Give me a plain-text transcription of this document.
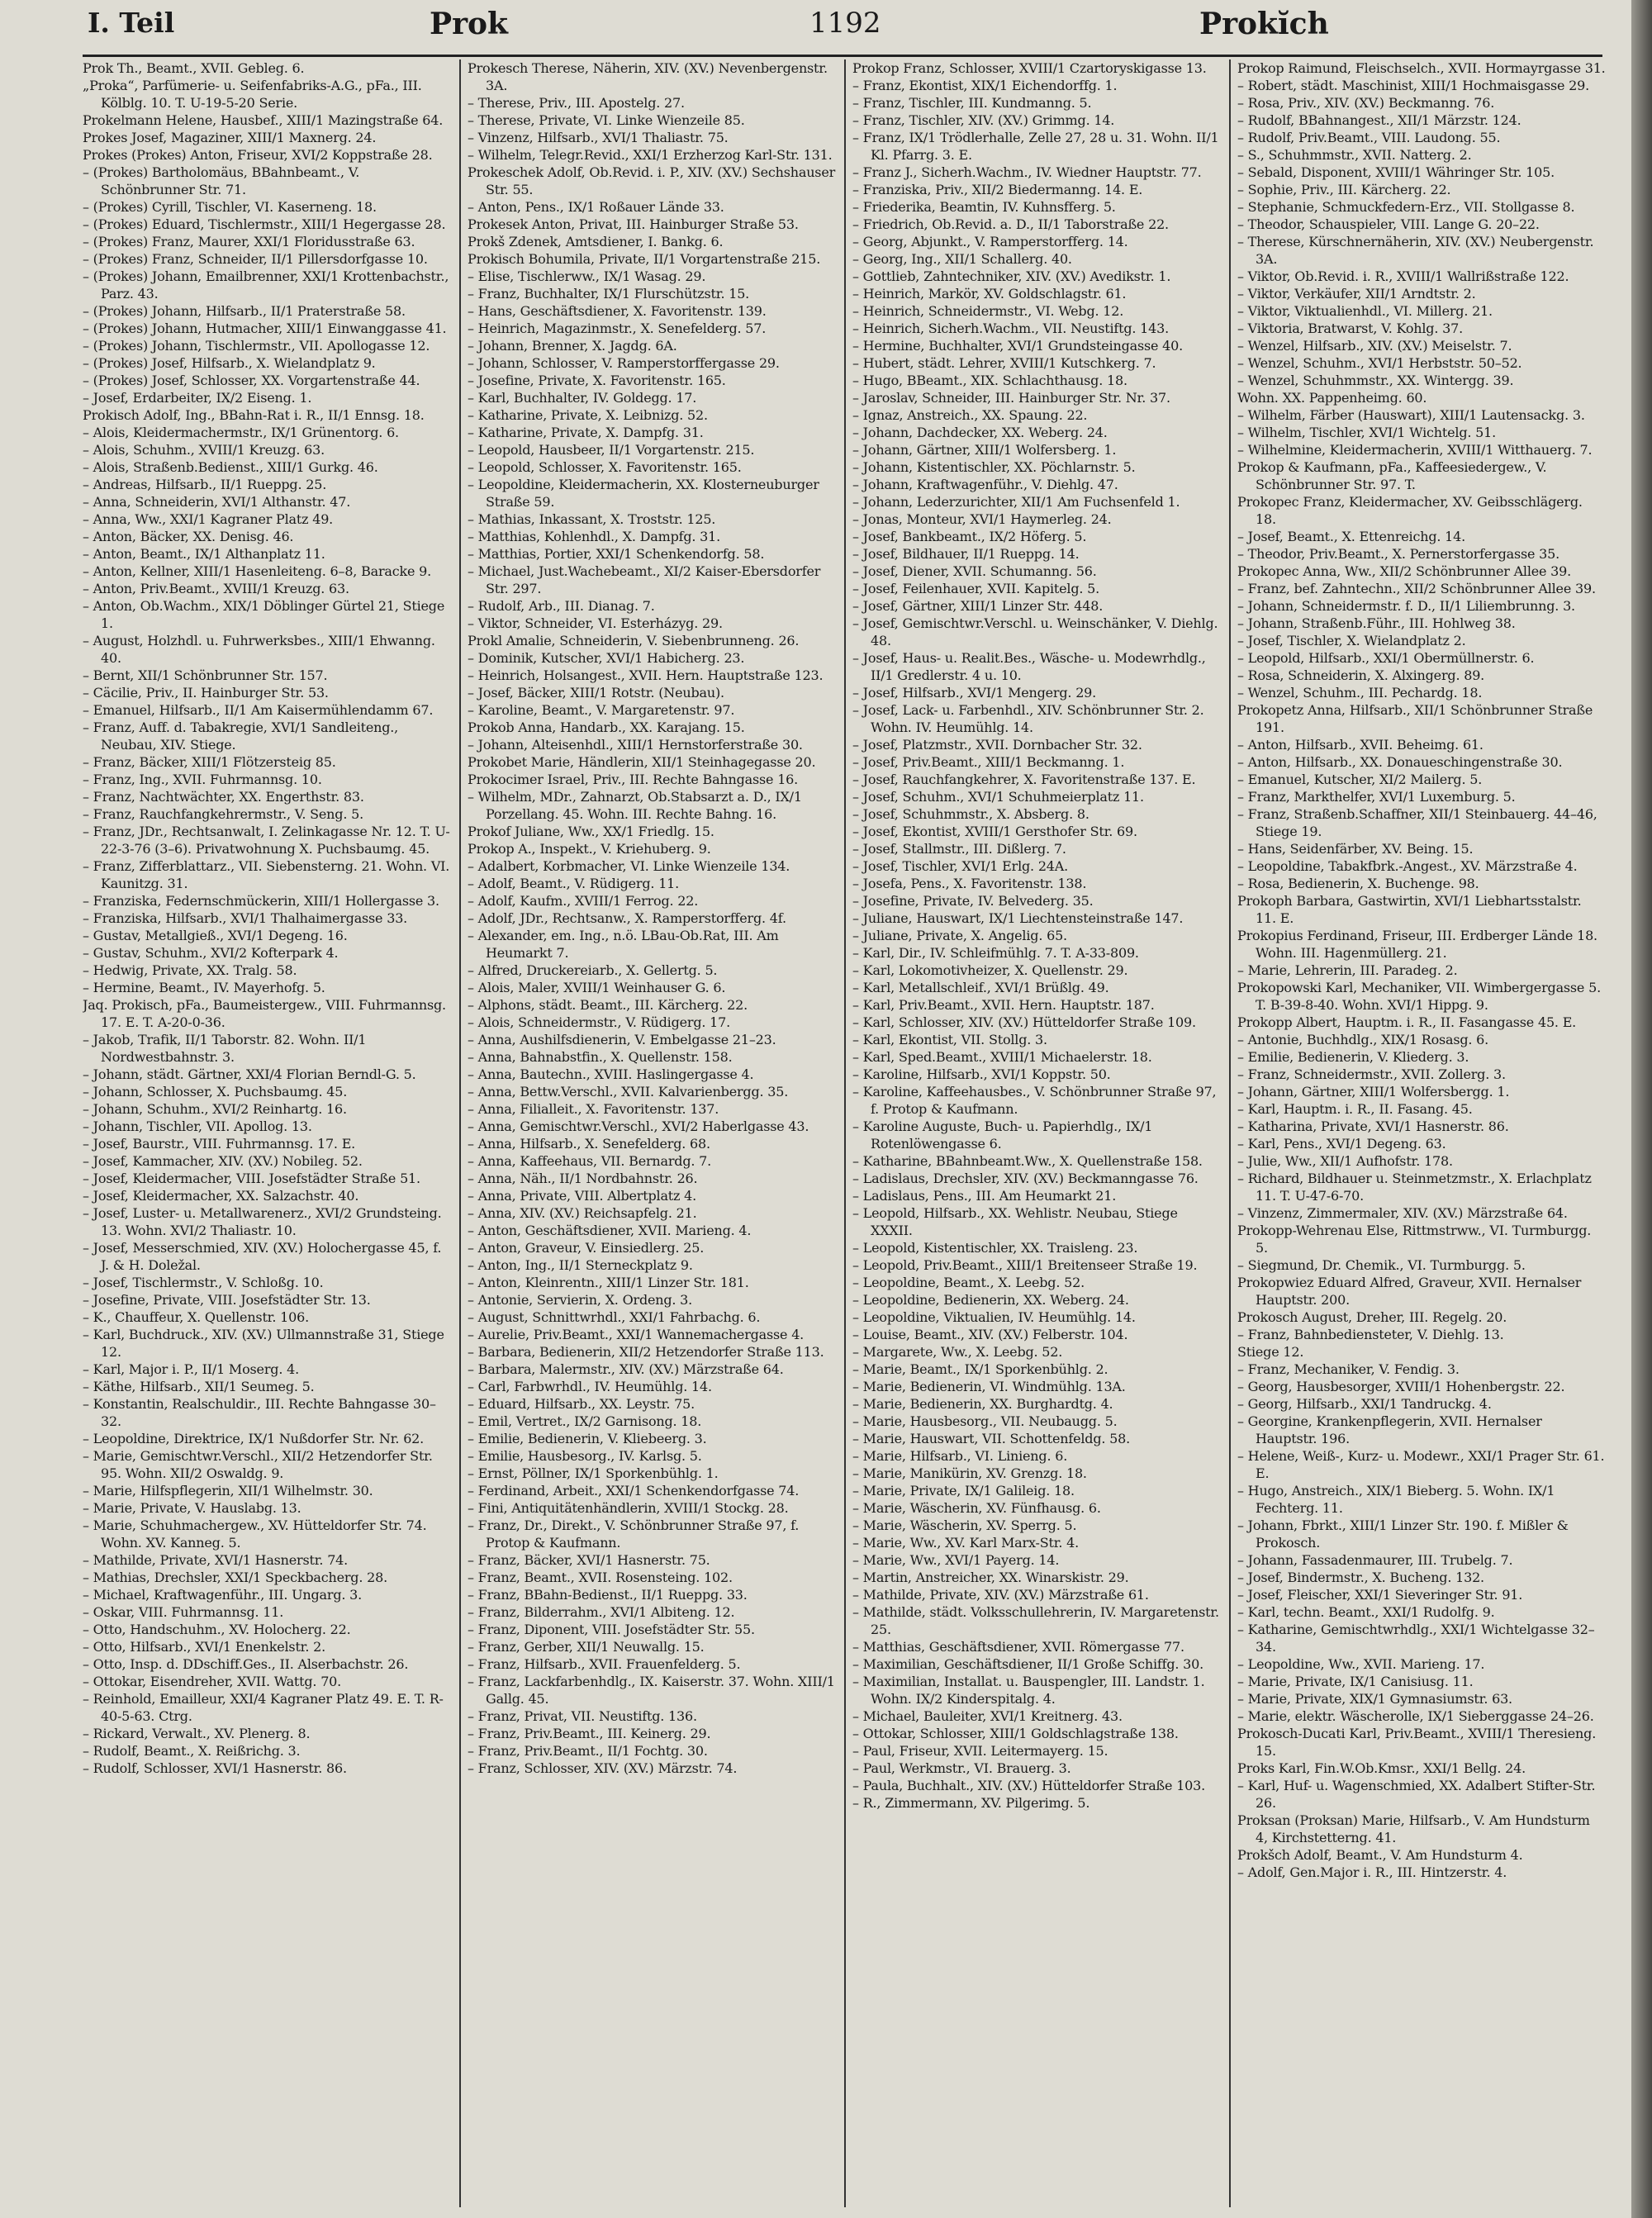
I. Teil	Prok	1192	Prokĭch

Prok Th., Beamt., XVII. Gebleg. 6.

„Proka“, Parfümerie- u. Seifenfabriks-A.G., pFa., III. Kölblg. 10. T. U-19-5-20 Serie.

Prokelmann Helene, Hausbef., XIII/1 Mazingstraße 64.

Prokes Josef, Magaziner, XIII/1 Maxnerg. 24.

Prokes (Prokes) Anton, Friseur, XVI/2 Koppstraße 28.

– (Prokes) Bartholomäus, BBahnbeamt., V. Schönbrunner Str. 71.

– (Prokes) Cyrill, Tischler, VI. Kaserneng. 18.

– (Prokes) Eduard, Tischlermstr., XIII/1 Hegergasse 28.

– (Prokes) Franz, Maurer, XXI/1 Floridusstraße 63.

– (Prokes) Franz, Schneider, II/1 Pillersdorfgasse 10.

– (Prokes) Johann, Emailbrenner, XXI/1 Krottenbachstr., Parz. 43.

– (Prokes) Johann, Hilfsarb., II/1 Praterstraße 58.

– (Prokes) Johann, Hutmacher, XIII/1 Einwanggasse 41.

– (Prokes) Johann, Tischlermstr., VII. Apollogasse 12.

– (Prokes) Josef, Hilfsarb., X. Wielandplatz 9.

– (Prokes) Josef, Schlosser, XX. Vorgartenstraße 44.

– Josef, Erdarbeiter, IX/2 Eiseng. 1.

Prokisch Adolf, Ing., BBahn-Rat i. R., II/1 Ennsg. 18.

– Alois, Kleidermachermstr., IX/1 Grünentorg. 6.

– Alois, Schuhm., XVIII/1 Kreuzg. 63.

– Alois, Straßenb.Bedienst., XIII/1 Gurkg. 46.

– Andreas, Hilfsarb., II/1 Rueppg. 25.

– Anna, Schneiderin, XVI/1 Althanstr. 47.

– Anna, Ww., XXI/1 Kagraner Platz 49.

– Anton, Bäcker, XX. Denisg. 46.

– Anton, Beamt., IX/1 Althanplatz 11.

– Anton, Kellner, XIII/1 Hasenleiteng. 6–8, Baracke 9.

– Anton, Priv.Beamt., XVIII/1 Kreuzg. 63.

– Anton, Ob.Wachm., XIX/1 Döblinger Gürtel 21, Stiege 1.

– August, Holzhdl. u. Fuhrwerksbes., XIII/1 Ehwanng. 40.

– Bernt, XII/1 Schönbrunner Str. 157.

– Cäcilie, Priv., II. Hainburger Str. 53.

– Emanuel, Hilfsarb., II/1 Am Kaisermühlendamm 67.

– Franz, Auff. d. Tabakregie, XVI/1 Sandleiteng., Neubau, XIV. Stiege.

– Franz, Bäcker, XIII/1 Flötzersteig 85.

– Franz, Ing., XVII. Fuhrmannsg. 10.

– Franz, Nachtwächter, XX. Engerthstr. 83.

– Franz, Rauchfangkehrermstr., V. Seng. 5.

– Franz, JDr., Rechtsanwalt, I. Zelinkagasse Nr. 12. T. U-22-3-76 (3–6). Privatwohnung X. Puchsbaumg. 45.

– Franz, Zifferblattarz., VII. Siebensterng. 21. Wohn. VI. Kaunitzg. 31.

– Franziska, Federnschmückerin, XIII/1 Hollergasse 3.

– Franziska, Hilfsarb., XVI/1 Thalhaimergasse 33.

– Gustav, Metallgieß., XVI/1 Degeng. 16.

– Gustav, Schuhm., XVI/2 Kofterpark 4.

– Hedwig, Private, XX. Tralg. 58.

– Hermine, Beamt., IV. Mayerhofg. 5.

Jaq. Prokisch, pFa., Baumeistergew., VIII. Fuhrmannsg. 17. E. T. A-20-0-36.

– Jakob, Trafik, II/1 Taborstr. 82. Wohn. II/1 Nordwestbahnstr. 3.

– Johann, städt. Gärtner, XXI/4 Florian Berndl-G. 5.

– Johann, Schlosser, X. Puchsbaumg. 45.

– Johann, Schuhm., XVI/2 Reinhartg. 16.

– Johann, Tischler, VII. Apollog. 13.

– Josef, Baurstr., VIII. Fuhrmannsg. 17. E.

– Josef, Kammacher, XIV. (XV.) Nobileg. 52.

– Josef, Kleidermacher, VIII. Josefstädter Straße 51.

– Josef, Kleidermacher, XX. Salzachstr. 40.

– Josef, Luster- u. Metallwarenerz., XVI/2 Grundsteing. 13. Wohn. XVI/2 Thaliastr. 10.

– Josef, Messerschmied, XIV. (XV.) Holochergasse 45, f. J. & H. Doležal.

– Josef, Tischlermstr., V. Schloßg. 10.

– Josefine, Private, VIII. Josefstädter Str. 13.

– K., Chauffeur, X. Quellenstr. 106.

– Karl, Buchdruck., XIV. (XV.) Ullmannstraße 31, Stiege 12.

– Karl, Major i. P., II/1 Moserg. 4.

– Käthe, Hilfsarb., XII/1 Seumeg. 5.

– Konstantin, Realschuldir., III. Rechte Bahngasse 30–32.

– Leopoldine, Direktrice, IX/1 Nußdorfer Str. Nr. 62.

– Marie, Gemischtwr.Verschl., XII/2 Hetzendorfer Str. 95. Wohn. XII/2 Oswaldg. 9.

– Marie, Hilfspflegerin, XII/1 Wilhelmstr. 30.

– Marie, Private, V. Hauslabg. 13.

– Marie, Schuhmachergew., XV. Hütteldorfer Str. 74. Wohn. XV. Kanneg. 5.

– Mathilde, Private, XVI/1 Hasnerstr. 74.

– Mathias, Drechsler, XXI/1 Speckbacherg. 28.

– Michael, Kraftwagenführ., III. Ungarg. 3.

– Oskar, VIII. Fuhrmannsg. 11.

– Otto, Handschuhm., XV. Holocherg. 22.

– Otto, Hilfsarb., XVI/1 Enenkelstr. 2.

– Otto, Insp. d. DDschiff.Ges., II. Alserbachstr. 26.

– Ottokar, Eisendreher, XVII. Wattg. 70.

– Reinhold, Emailleur, XXI/4 Kagraner Platz 49. E. T. R-40-5-63. Ctrg.

– Rickard, Verwalt., XV. Plenerg. 8.

– Rudolf, Beamt., X. Reißrichg. 3.

– Rudolf, Schlosser, XVI/1 Hasnerstr. 86.

Prokesch Therese, Näherin, XIV. (XV.) Nevenbergenstr. 3A.

– Therese, Priv., III. Apostelg. 27.

– Therese, Private, VI. Linke Wienzeile 85.

– Vinzenz, Hilfsarb., XVI/1 Thaliastr. 75.

– Wilhelm, Telegr.Revid., XXI/1 Erzherzog Karl-Str. 131.

Prokeschek Adolf, Ob.Revid. i. P., XIV. (XV.) Sechshauser Str. 55.

– Anton, Pens., IX/1 Roßauer Lände 33.

Prokesek Anton, Privat, III. Hainburger Straße 53.

Prokš Zdenek, Amtsdiener, I. Bankg. 6.

Prokisch Bohumila, Private, II/1 Vorgartenstraße 215.

– Elise, Tischlerww., IX/1 Wasag. 29.

– Franz, Buchhalter, IX/1 Flurschützstr. 15.

– Hans, Geschäftsdiener, X. Favoritenstr. 139.

– Heinrich, Magazinmstr., X. Senefelderg. 57.

– Johann, Brenner, X. Jagdg. 6A.

– Johann, Schlosser, V. Ramperstorffergasse 29.

– Josefine, Private, X. Favoritenstr. 165.

– Karl, Buchhalter, IV. Goldegg. 17.

– Katharine, Private, X. Leibnizg. 52.

– Katharine, Private, X. Dampfg. 31.

– Leopold, Hausbeer, II/1 Vorgartenstr. 215.

– Leopold, Schlosser, X. Favoritenstr. 165.

– Leopoldine, Kleidermacherin, XX. Klosterneuburger Straße 59.

– Mathias, Inkassant, X. Troststr. 125.

– Matthias, Kohlenhdl., X. Dampfg. 31.

– Matthias, Portier, XXI/1 Schenkendorfg. 58.

– Michael, Just.Wachebeamt., XI/2 Kaiser-Ebersdorfer Str. 297.

– Rudolf, Arb., III. Dianag. 7.

– Viktor, Schneider, VI. Esterházyg. 29.

Prokl Amalie, Schneiderin, V. Siebenbrunneng. 26.

– Dominik, Kutscher, XVI/1 Habicherg. 23.

– Heinrich, Holsangest., XVII. Hern. Hauptstraße 123.

– Josef, Bäcker, XIII/1 Rotstr. (Neubau).

– Karoline, Beamt., V. Margaretenstr. 97.

Prokob Anna, Handarb., XX. Karajang. 15.

– Johann, Alteisenhdl., XIII/1 Hernstorferstraße 30.

Prokobet Marie, Händlerin, XII/1 Steinhagegasse 20.

Prokocimer Israel, Priv., III. Rechte Bahngasse 16.

– Wilhelm, MDr., Zahnarzt, Ob.Stabsarzt a. D., IX/1 Porzellang. 45. Wohn. III. Rechte Bahng. 16.

Prokof Juliane, Ww., XX/1 Friedlg. 15.

Prokop A., Inspekt., V. Kriehuberg. 9.

– Adalbert, Korbmacher, VI. Linke Wienzeile 134.

– Adolf, Beamt., V. Rüdigerg. 11.

– Adolf, Kaufm., XVIII/1 Ferrog. 22.

– Adolf, JDr., Rechtsanw., X. Ramperstorfferg. 4f.

– Alexander, em. Ing., n.ö. LBau-Ob.Rat, III. Am Heumarkt 7.

– Alfred, Druckereiarb., X. Gellertg. 5.

– Alois, Maler, XVIII/1 Weinhauser G. 6.

– Alphons, städt. Beamt., III. Kärcherg. 22.

– Alois, Schneidermstr., V. Rüdigerg. 17.

– Anna, Aushilfsdienerin, V. Embelgasse 21–23.

– Anna, Bahnabstfin., X. Quellenstr. 158.

– Anna, Bautechn., XVIII. Haslingergasse 4.

– Anna, Bettw.Verschl., XVII. Kalvarienbergg. 35.

– Anna, Filialleit., X. Favoritenstr. 137.

– Anna, Gemischtwr.Verschl., XVI/2 Haberlgasse 43.

– Anna, Hilfsarb., X. Senefelderg. 68.

– Anna, Kaffeehaus, VII. Bernardg. 7.

– Anna, Näh., II/1 Nordbahnstr. 26.

– Anna, Private, VIII. Albertplatz 4.

– Anna, XIV. (XV.) Reichsapfelg. 21.

– Anton, Geschäftsdiener, XVII. Marieng. 4.

– Anton, Graveur, V. Einsiedlerg. 25.

– Anton, Ing., II/1 Sterneckplatz 9.

– Anton, Kleinrentn., XIII/1 Linzer Str. 181.

– Antonie, Servierin, X. Ordeng. 3.

– August, Schnittwrhdl., XXI/1 Fahrbachg. 6.

– Aurelie, Priv.Beamt., XXI/1 Wannemachergasse 4.

– Barbara, Bedienerin, XII/2 Hetzendorfer Straße 113.

– Barbara, Malermstr., XIV. (XV.) Märzstraße 64.

– Carl, Farbwrhdl., IV. Heumühlg. 14.

– Eduard, Hilfsarb., XX. Leystr. 75.

– Emil, Vertret., IX/2 Garnisong. 18.

– Emilie, Bedienerin, V. Kliebeerg. 3.

– Emilie, Hausbesorg., IV. Karlsg. 5.

– Ernst, Pöllner, IX/1 Sporkenbühlg. 1.

– Ferdinand, Arbeit., XXI/1 Schenkendorfgasse 74.

– Fini, Antiquitätenhändlerin, XVIII/1 Stockg. 28.

– Franz, Dr., Direkt., V. Schönbrunner Straße 97, f. Protop & Kaufmann.

– Franz, Bäcker, XVI/1 Hasnerstr. 75.

– Franz, Beamt., XVII. Rosensteing. 102.

– Franz, BBahn-Bedienst., II/1 Rueppg. 33.

– Franz, Bilderrahm., XVI/1 Albiteng. 12.

– Franz, Diponent, VIII. Josefstädter Str. 55.

– Franz, Gerber, XII/1 Neuwallg. 15.

– Franz, Hilfsarb., XVII. Frauenfelderg. 5.

– Franz, Lackfarbenhdlg., IX. Kaiserstr. 37. Wohn. XIII/1 Gallg. 45.

– Franz, Privat, VII. Neustiftg. 136.

– Franz, Priv.Beamt., III. Keinerg. 29.

– Franz, Priv.Beamt., II/1 Fochtg. 30.

– Franz, Schlosser, XIV. (XV.) Märzstr. 74.

Prokop Franz, Schlosser, XVIII/1 Czartoryskigasse 13.

– Franz, Ekontist, XIX/1 Eichendorffg. 1.

– Franz, Tischler, III. Kundmanng. 5.

– Franz, Tischler, XIV. (XV.) Grimmg. 14.

– Franz, IX/1 Trödlerhalle, Zelle 27, 28 u. 31. Wohn. II/1 Kl. Pfarrg. 3. E.

– Franz J., Sicherh.Wachm., IV. Wiedner Hauptstr. 77.

– Franziska, Priv., XII/2 Biedermanng. 14. E.

– Friederika, Beamtin, IV. Kuhnsfferg. 5.

– Friedrich, Ob.Revid. a. D., II/1 Taborstraße 22.

– Georg, Abjunkt., V. Ramperstorfferg. 14.

– Georg, Ing., XII/1 Schallerg. 40.

– Gottlieb, Zahntechniker, XIV. (XV.) Avedikstr. 1.

– Heinrich, Markör, XV. Goldschlagstr. 61.

– Heinrich, Schneidermstr., VI. Webg. 12.

– Heinrich, Sicherh.Wachm., VII. Neustiftg. 143.

– Hermine, Buchhalter, XVI/1 Grundsteingasse 40.

– Hubert, städt. Lehrer, XVIII/1 Kutschkerg. 7.

– Hugo, BBeamt., XIX. Schlachthausg. 18.

– Jaroslav, Schneider, III. Hainburger Str. Nr. 37.

– Ignaz, Anstreich., XX. Spaung. 22.

– Johann, Dachdecker, XX. Weberg. 24.

– Johann, Gärtner, XIII/1 Wolfersberg. 1.

– Johann, Kistentischler, XX. Pöchlarnstr. 5.

– Johann, Kraftwagenführ., V. Diehlg. 47.

– Johann, Lederzurichter, XII/1 Am Fuchsenfeld 1.

– Jonas, Monteur, XVI/1 Haymerleg. 24.

– Josef, Bankbeamt., IX/2 Höferg. 5.

– Josef, Bildhauer, II/1 Rueppg. 14.

– Josef, Diener, XVII. Schumanng. 56.

– Josef, Feilenhauer, XVII. Kapitelg. 5.

– Josef, Gärtner, XIII/1 Linzer Str. 448.

– Josef, Gemischtwr.Verschl. u. Weinschänker, V. Diehlg. 48.

– Josef, Haus- u. Realit.Bes., Wäsche- u. Modewrhdlg., II/1 Gredlerstr. 4 u. 10.

– Josef, Hilfsarb., XVI/1 Mengerg. 29.

– Josef, Lack- u. Farbenhdl., XIV. Schönbrunner Str. 2. Wohn. IV. Heumühlg. 14.

– Josef, Platzmstr., XVII. Dornbacher Str. 32.

– Josef, Priv.Beamt., XIII/1 Beckmanng. 1.

– Josef, Rauchfangkehrer, X. Favoritenstraße 137. E.

– Josef, Schuhm., XVI/1 Schuhmeierplatz 11.

– Josef, Schuhmmstr., X. Absberg. 8.

– Josef, Ekontist, XVIII/1 Gersthofer Str. 69.

– Josef, Stallmstr., III. Dißlerg. 7.

– Josef, Tischler, XVI/1 Erlg. 24A.

– Josefa, Pens., X. Favoritenstr. 138.

– Josefine, Private, IV. Belvederg. 35.

– Juliane, Hauswart, IX/1 Liechtensteinstraße 147.

– Juliane, Private, X. Angelig. 65.

– Karl, Dir., IV. Schleifmühlg. 7. T. A-33-809.

– Karl, Lokomotivheizer, X. Quellenstr. 29.

– Karl, Metallschleif., XVI/1 Brüßlg. 49.

– Karl, Priv.Beamt., XVII. Hern. Hauptstr. 187.

– Karl, Schlosser, XIV. (XV.) Hütteldorfer Straße 109.

– Karl, Ekontist, VII. Stollg. 3.

– Karl, Sped.Beamt., XVIII/1 Michaelerstr. 18.

– Karoline, Hilfsarb., XVI/1 Koppstr. 50.

– Karoline, Kaffeehausbes., V. Schönbrunner Straße 97, f. Protop & Kaufmann.

– Karoline Auguste, Buch- u. Papierhdlg., IX/1 Rotenlöwengasse 6.

– Katharine, BBahnbeamt.Ww., X. Quellenstraße 158.

– Ladislaus, Drechsler, XIV. (XV.) Beckmanngasse 76.

– Ladislaus, Pens., III. Am Heumarkt 21.

– Leopold, Hilfsarb., XX. Wehlistr. Neubau, Stiege XXXII.

– Leopold, Kistentischler, XX. Traisleng. 23.

– Leopold, Priv.Beamt., XIII/1 Breitenseer Straße 19.

– Leopoldine, Beamt., X. Leebg. 52.

– Leopoldine, Bedienerin, XX. Weberg. 24.

– Leopoldine, Viktualien, IV. Heumühlg. 14.

– Louise, Beamt., XIV. (XV.) Felberstr. 104.

– Margarete, Ww., X. Leebg. 52.

– Marie, Beamt., IX/1 Sporkenbühlg. 2.

– Marie, Bedienerin, VI. Windmühlg. 13A.

– Marie, Bedienerin, XX. Burghardtg. 4.

– Marie, Hausbesorg., VII. Neubaugg. 5.

– Marie, Hauswart, VII. Schottenfeldg. 58.

– Marie, Hilfsarb., VI. Linieng. 6.

– Marie, Manikürin, XV. Grenzg. 18.

– Marie, Private, IX/1 Galileig. 18.

– Marie, Wäscherin, XV. Fünfhausg. 6.

– Marie, Wäscherin, XV. Sperrg. 5.

– Marie, Ww., XV. Karl Marx-Str. 4.

– Marie, Ww., XVI/1 Payerg. 14.

– Martin, Anstreicher, XX. Winarskistr. 29.

– Mathilde, Private, XIV. (XV.) Märzstraße 61.

– Mathilde, städt. Volksschullehrerin, IV. Margaretenstr. 25.

– Matthias, Geschäftsdiener, XVII. Römergasse 77.

– Maximilian, Geschäftsdiener, II/1 Große Schiffg. 30.

– Maximilian, Installat. u. Bauspengler, III. Landstr. 1. Wohn. IX/2 Kinderspitalg. 4.

– Michael, Bauleiter, XVI/1 Kreitnerg. 43.

– Ottokar, Schlosser, XIII/1 Goldschlagstraße 138.

– Paul, Friseur, XVII. Leitermayerg. 15.

– Paul, Werkmstr., VI. Brauerg. 3.

– Paula, Buchhalt., XIV. (XV.) Hütteldorfer Straße 103.

– R., Zimmermann, XV. Pilgerimg. 5.

Prokop Raimund, Fleischselch., XVII. Hormayrgasse 31.

– Robert, städt. Maschinist, XIII/1 Hochmaisgasse 29.

– Rosa, Priv., XIV. (XV.) Beckmanng. 76.

– Rudolf, BBahnangest., XII/1 Märzstr. 124.

– Rudolf, Priv.Beamt., VIII. Laudong. 55.

– S., Schuhmmstr., XVII. Natterg. 2.

– Sebald, Disponent, XVIII/1 Währinger Str. 105.

– Sophie, Priv., III. Kärcherg. 22.

– Stephanie, Schmuckfedern-Erz., VII. Stollgasse 8.

– Theodor, Schauspieler, VIII. Lange G. 20–22.

– Therese, Kürschnernäherin, XIV. (XV.) Neubergenstr. 3A.

– Viktor, Ob.Revid. i. R., XVIII/1 Wallrißstraße 122.

– Viktor, Verkäufer, XII/1 Arndtstr. 2.

– Viktor, Viktualienhdl., VI. Millerg. 21.

– Viktoria, Bratwarst, V. Kohlg. 37.

– Wenzel, Hilfsarb., XIV. (XV.) Meiselstr. 7.

– Wenzel, Schuhm., XVI/1 Herbststr. 50–52.

– Wenzel, Schuhmmstr., XX. Wintergg. 39.

Wohn. XX. Pappenheimg. 60.

– Wilhelm, Färber (Hauswart), XIII/1 Lautensackg. 3.

– Wilhelm, Tischler, XVI/1 Wichtelg. 51.

– Wilhelmine, Kleidermacherin, XVIII/1 Witthauerg. 7.

Prokop & Kaufmann, pFa., Kaffeesiedergew., V. Schönbrunner Str. 97. T.

Prokopec Franz, Kleidermacher, XV. Geibsschlägerg. 18.

– Josef, Beamt., X. Ettenreichg. 14.

– Theodor, Priv.Beamt., X. Pernerstorfergasse 35.

Prokopec Anna, Ww., XII/2 Schönbrunner Allee 39.

– Franz, bef. Zahntechn., XII/2 Schönbrunner Allee 39.

– Johann, Schneidermstr. f. D., II/1 Liliembrunng. 3.

– Johann, Straßenb.Führ., III. Hohlweg 38.

– Josef, Tischler, X. Wielandplatz 2.

– Leopold, Hilfsarb., XXI/1 Obermüllnerstr. 6.

– Rosa, Schneiderin, X. Alxingerg. 89.

– Wenzel, Schuhm., III. Pechardg. 18.

Prokopetz Anna, Hilfsarb., XII/1 Schönbrunner Straße 191.

– Anton, Hilfsarb., XVII. Beheimg. 61.

– Anton, Hilfsarb., XX. Donaueschingenstraße 30.

– Emanuel, Kutscher, XI/2 Mailerg. 5.

– Franz, Markthelfer, XVI/1 Luxemburg. 5.

– Franz, Straßenb.Schaffner, XII/1 Steinbauerg. 44–46, Stiege 19.

– Hans, Seidenfärber, XV. Being. 15.

– Leopoldine, Tabakfbrk.-Angest., XV. Märzstraße 4.

– Rosa, Bedienerin, X. Buchenge. 98.

Prokoph Barbara, Gastwirtin, XVI/1 Liebhartsstalstr. 11. E.

Prokopius Ferdinand, Friseur, III. Erdberger Lände 18. Wohn. III. Hagenmüllerg. 21.

– Marie, Lehrerin, III. Paradeg. 2.

Prokopowski Karl, Mechaniker, VII. Wimbergergasse 5. T. B-39-8-40. Wohn. XVI/1 Hippg. 9.

Prokopp Albert, Hauptm. i. R., II. Fasangasse 45. E.

– Antonie, Buchhdlg., XIX/1 Rosasg. 6.

– Emilie, Bedienerin, V. Kliederg. 3.

– Franz, Schneidermstr., XVII. Zollerg. 3.

– Johann, Gärtner, XIII/1 Wolfersbergg. 1.

– Karl, Hauptm. i. R., II. Fasang. 45.

– Katharina, Private, XVI/1 Hasnerstr. 86.

– Karl, Pens., XVI/1 Degeng. 63.

– Julie, Ww., XII/1 Aufhofstr. 178.

– Richard, Bildhauer u. Steinmetzmstr., X. Erlachplatz 11. T. U-47-6-70.

– Vinzenz, Zimmermaler, XIV. (XV.) Märzstraße 64.

Prokopp-Wehrenau Else, Rittmstrww., VI. Turmburgg. 5.

– Siegmund, Dr. Chemik., VI. Turmburgg. 5.

Prokopwiez Eduard Alfred, Graveur, XVII. Hernalser Hauptstr. 200.

Prokosch August, Dreher, III. Regelg. 20.

– Franz, Bahnbediensteter, V. Diehlg. 13.

Stiege 12.

– Franz, Mechaniker, V. Fendig. 3.

– Georg, Hausbesorger, XVIII/1 Hohenbergstr. 22.

– Georg, Hilfsarb., XXI/1 Tandruckg. 4.

– Georgine, Krankenpflegerin, XVII. Hernalser Hauptstr. 196.

– Helene, Weiß-, Kurz- u. Modewr., XXI/1 Prager Str. 61. E.

– Hugo, Anstreich., XIX/1 Bieberg. 5. Wohn. IX/1 Fechterg. 11.

– Johann, Fbrkt., XIII/1 Linzer Str. 190. f. Mißler & Prokosch.

– Johann, Fassadenmaurer, III. Trubelg. 7.

– Josef, Bindermstr., X. Bucheng. 132.

– Josef, Fleischer, XXI/1 Sieveringer Str. 91.

– Karl, techn. Beamt., XXI/1 Rudolfg. 9.

– Katharine, Gemischtwrhdlg., XXI/1 Wichtelgasse 32–34.

– Leopoldine, Ww., XVII. Marieng. 17.

– Marie, Private, IX/1 Canisiusg. 11.

– Marie, Private, XIX/1 Gymnasiumstr. 63.

– Marie, elektr. Wäscherolle, IX/1 Sieberggasse 24–26.

Prokosch-Ducati Karl, Priv.Beamt., XVIII/1 Theresieng. 15.

Proks Karl, Fin.W.Ob.Kmsr., XXI/1 Bellg. 24.

– Karl, Huf- u. Wagenschmied, XX. Adalbert Stifter-Str. 26.

Proksan (Proksan) Marie, Hilfsarb., V. Am Hundsturm 4, Kirchstetterng. 41.

Prokšch Adolf, Beamt., V. Am Hundsturm 4.

– Adolf, Gen.Major i. R., III. Hintzerstr. 4.
